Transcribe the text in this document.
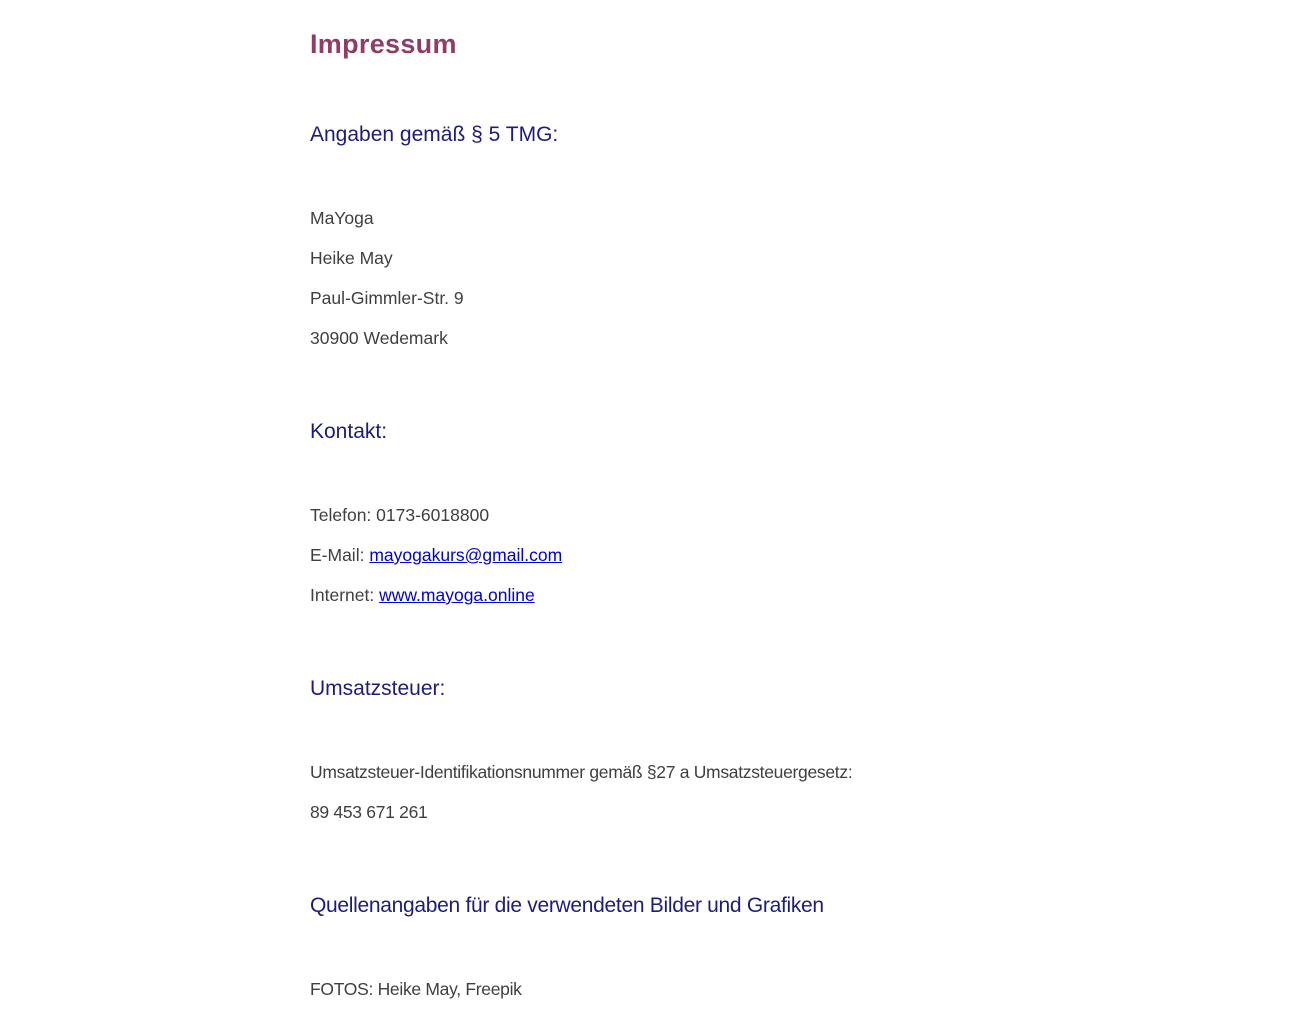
Impressum
Angaben gemäß § 5 TMG:
MaYoga
Heike May
Paul-Gimmler-Str. 9
30900 Wedemark
Kontakt:
Telefon: 0173-6018800
E-Mail: mayogakurs@gmail.com
Internet: www.mayoga.online
Umsatzsteuer:
Umsatzsteuer-Identifikationsnummer gemäß §27 a Umsatzsteuergesetz:
89 453 671 261
Quellenangaben für die verwendeten Bilder und Grafiken
FOTOS: Heike May, Freepik
